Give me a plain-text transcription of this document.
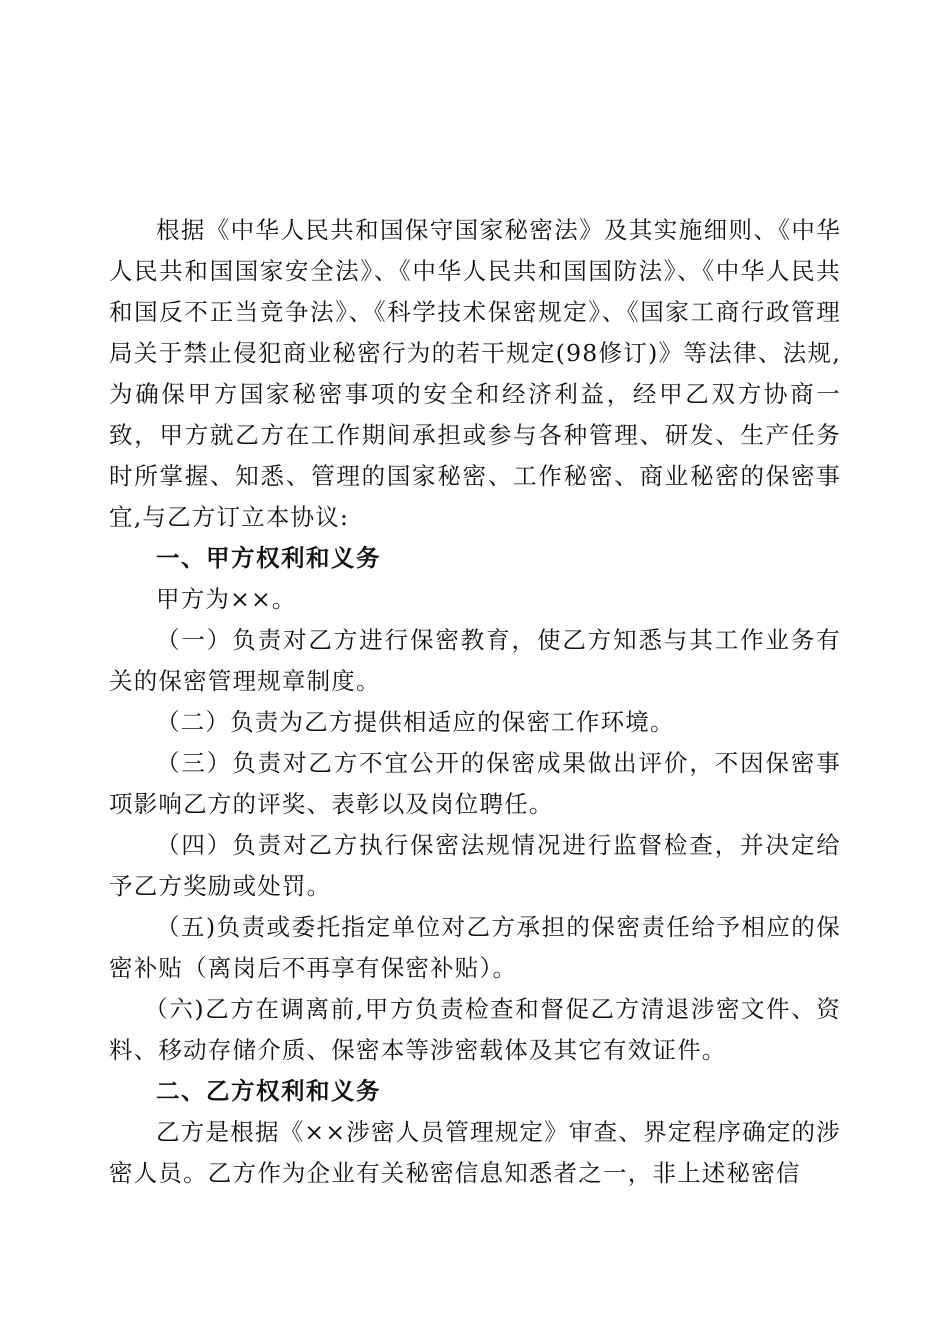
根据《中华人民共和国保守国家秘密法》及其实施细则、《中华人民共和国国家安全法》、《中华人民共和国国防法》、《中华人民共和国反不正当竞争法》、《科学技术保密规定》、《国家工商行政管理局关于禁止侵犯商业秘密行为的若干规定(98修订)》等法律、法规,为确保甲方国家秘密事项的安全和经济利益，经甲乙双方协商一致，甲方就乙方在工作期间承担或参与各种管理、研发、生产任务时所掌握、知悉、管理的国家秘密、工作秘密、商业秘密的保密事宜,与乙方订立本协议:

一、甲方权利和义务

甲方为××。

（一）负责对乙方进行保密教育，使乙方知悉与其工作业务有关的保密管理规章制度。

（二）负责为乙方提供相适应的保密工作环境。

（三）负责对乙方不宜公开的保密成果做出评价，不因保密事项影响乙方的评奖、表彰以及岗位聘任。

（四）负责对乙方执行保密法规情况进行监督检查，并决定给予乙方奖励或处罚。

（五)负责或委托指定单位对乙方承担的保密责任给予相应的保密补贴（离岗后不再享有保密补贴）。

（六)乙方在调离前,甲方负责检查和督促乙方清退涉密文件、资料、移动存储介质、保密本等涉密载体及其它有效证件。

二、乙方权利和义务

乙方是根据《××涉密人员管理规定》审查、界定程序确定的涉密人员。乙方作为企业有关秘密信息知悉者之一，非上述秘密信
